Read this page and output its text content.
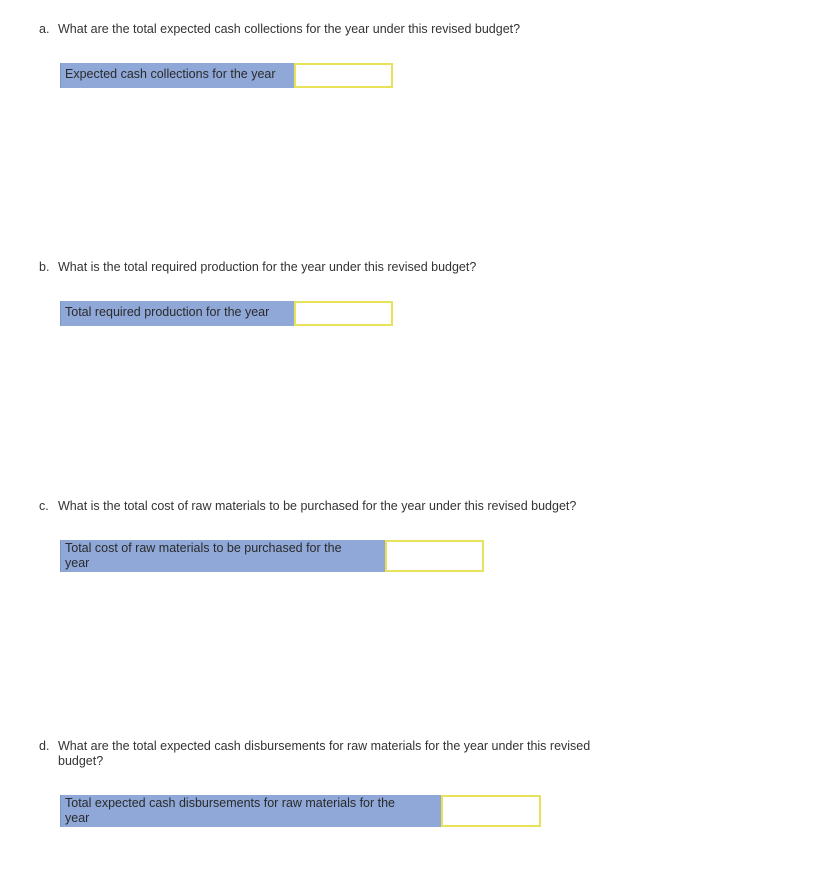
a. What are the total expected cash collections for the year under this revised budget?
Expected cash collections for the year
b. What is the total required production for the year under this revised budget?
Total required production for the year
c. What is the total cost of raw materials to be purchased for the year under this revised budget?
Total cost of raw materials to be purchased for the year
d. What are the total expected cash disbursements for raw materials for the year under this revised budget?
Total expected cash disbursements for raw materials for the year
